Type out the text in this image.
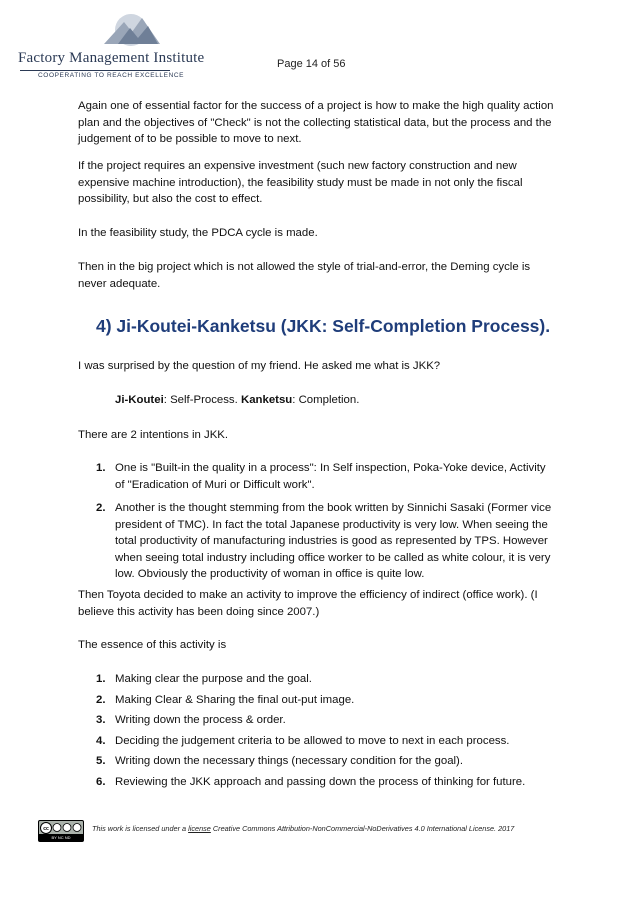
Factory Management Institute
COOPERATING TO REACH EXCELLENCE
Page 14 of 56

Again one of essential factor for the success of a project is how to make the high quality action plan and the objectives of "Check" is not the collecting statistical data, but the process and the judgement of to be possible to move to next.

If the project requires an expensive investment (such new factory construction and new expensive machine introduction), the feasibility study must be made in not only the fiscal possibility, but also the cost to effect.

In the feasibility study, the PDCA cycle is made.

Then in the big project which is not allowed the style of trial-and-error, the Deming cycle is never adequate.

4) Ji-Koutei-Kanketsu (JKK: Self-Completion Process).

I was surprised by the question of my friend. He asked me what is JKK?

Ji-Koutei: Self-Process. Kanketsu: Completion.

There are 2 intentions in JKK.

1. One is "Built-in the quality in a process": In Self inspection, Poka-Yoke device, Activity of "Eradication of Muri or Difficult work".
2. Another is the thought stemming from the book written by Sinnichi Sasaki (Former vice president of TMC). In fact the total Japanese productivity is very low. When seeing the total productivity of manufacturing industries is good as represented by TPS. However when seeing total industry including office worker to be called as white colour, it is very low. Obviously the productivity of woman in office is quite low.

Then Toyota decided to make an activity to improve the efficiency of indirect (office work). (I believe this activity has been doing since 2007.)

The essence of this activity is

1. Making clear the purpose and the goal.
2. Making Clear & Sharing the final out-put image.
3. Writing down the process & order.
4. Deciding the judgement criteria to be allowed to move to next in each process.
5. Writing down the necessary things (necessary condition for the goal).
6. Reviewing the JKK approach and passing down the process of thinking for future.
cc
BY NC ND
This work is licensed under a license Creative Commons Attribution-NonCommercial-NoDerivatives 4.0 International License. 2017
